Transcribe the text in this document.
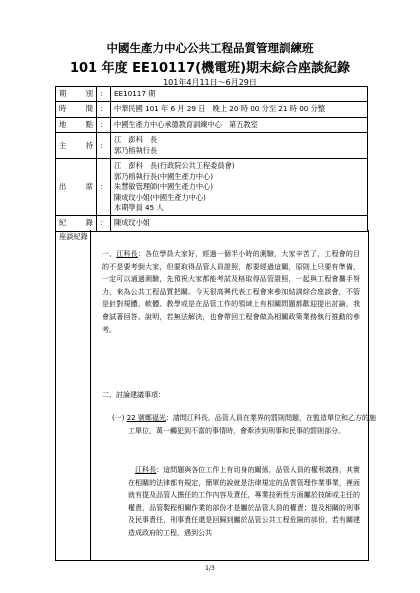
中國生產力中心公共工程品質管理訓練班
101 年度 EE10117(機電班)期末綜合座談紀錄
101年4月11日～6月29日
期 別	：	EE10117 期
時 間	：	中華民國 101 年 6 月 29 日　晚上 20 時 00 分至 21 時 00 分整
地 點	：	中國生產力中心承德教育訓練中心　第五教室
主 持	：	江　澎科　長
郭乃榕執行長

出 席	：	江　澎科　長(行政院公共工程委員會)
郭乃榕執行長(中國生產力中心)
朱慧敏管理師(中國生產力中心)
陳成玟小姐(中國生產力中心)
本期學員 45 人

紀 錄	：	陳成玟小姐
座談紀錄
一、江科長：各位學員大家好，經過一個半小時的測驗，大家辛苦了，工程會的目的不是要考倒大家，但要取得品管人員證照，都要經過這關，原則上只要有準備，一定可以通過測驗，先預祝大家都能考試及格取得品管證照，一起與工程會攜手努力，來為公共工程品質把關。今天很高興代表工程會來參加結訓綜合座談會，不管是針對規體、軟體、教學或是在品管工作的領域上有相關問題都歡迎提出討論，我會試著回答、說明，若無法解決，也會帶回工程會做為相關政策業務執行推動的參考。
二、討論建議事項：
(一) 22 號鄭福光：請問江科長，品管人員在業界的罰則問題，在監造單位和乙方的施工單位，萬一觸犯到不當的事情時，會牽涉到刑事和民事的罰則部分。
江科長：這問題與各位工作上有切身的關係，品管人員的權利義務，其實在相關的法律都有規定，簡單的說就是法律規定的品質管理作業事業，裡面就有提及品管人擔任的工作內容及責任，專業技術性方面屬於技師或主任的權責，品管製程相關作業的部份才是屬於品管人員的權責；提及相關的刑事及民事責任，刑事責任還是回歸到屬於品管公共工程危險的部份，若有關建造成政府的工程，遇到公共
1/3
